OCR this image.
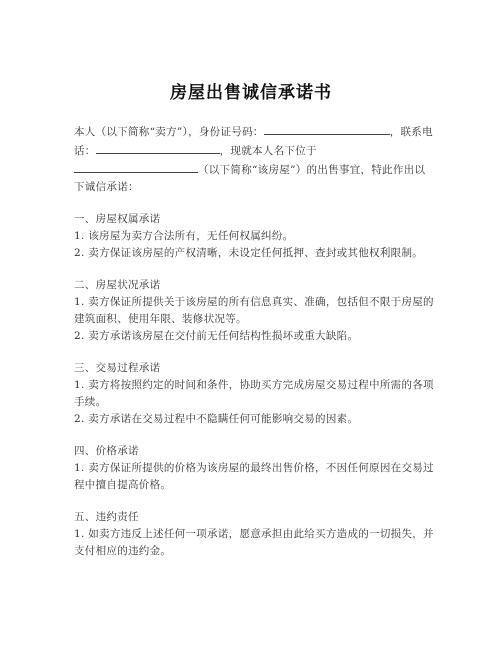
房屋出售诚信承诺书

本人（以下简称“卖方”），身份证号码：	，联系电话：	，现就本人名下位于（以下简称“该房屋”）的出售事宜，特此作出以下诚信承诺：

一、房屋权属承诺

1. 该房屋为卖方合法所有，无任何权属纠纷。

2. 卖方保证该房屋的产权清晰，未设定任何抵押、查封或其他权利限制。

二、房屋状况承诺

1. 卖方保证所提供关于该房屋的所有信息真实、准确，包括但不限于房屋的建筑面积、使用年限、装修状况等。

2. 卖方承诺该房屋在交付前无任何结构性损坏或重大缺陷。

三、交易过程承诺

1. 卖方将按照约定的时间和条件，协助买方完成房屋交易过程中所需的各项手续。

2. 卖方承诺在交易过程中不隐瞒任何可能影响交易的因素。

四、价格承诺

1. 卖方保证所提供的价格为该房屋的最终出售价格，不因任何原因在交易过程中擅自提高价格。

五、违约责任

1. 如卖方违反上述任何一项承诺，愿意承担由此给买方造成的一切损失，并支付相应的违约金。
